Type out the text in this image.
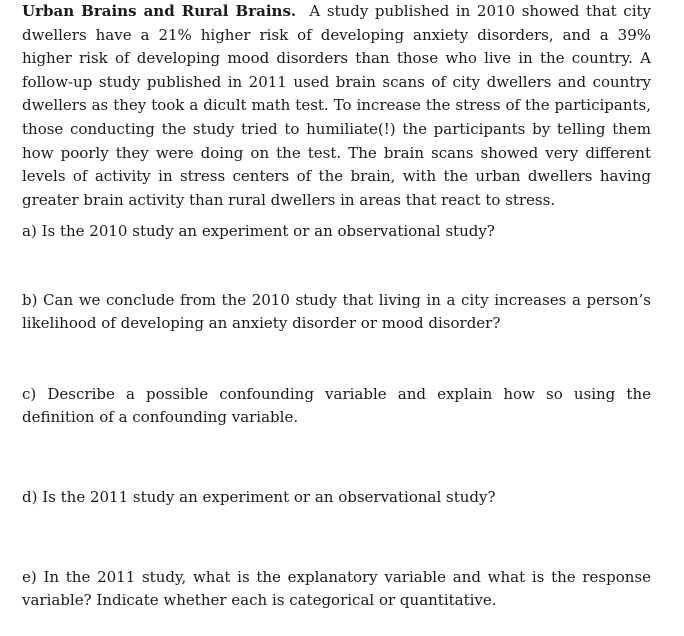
Urban Brains and Rural Brains. A study published in 2010 showed that city dwellers have a 21% higher risk of developing anxiety disorders, and a 39% higher risk of developing mood disorders than those who live in the country. A follow-up study published in 2011 used brain scans of city dwellers and country dwellers as they took a dicult math test. To increase the stress of the participants, those conducting the study tried to humiliate(!) the participants by telling them how poorly they were doing on the test. The brain scans showed very different levels of activity in stress centers of the brain, with the urban dwellers having greater brain activity than rural dwellers in areas that react to stress.

a) Is the 2010 study an experiment or an observational study?

b) Can we conclude from the 2010 study that living in a city increases a person’s likelihood of developing an anxiety disorder or mood disorder?

c) Describe a possible confounding variable and explain how so using the definition of a confounding variable.

d) Is the 2011 study an experiment or an observational study?

e) In the 2011 study, what is the explanatory variable and what is the response variable? Indicate whether each is categorical or quantitative.
